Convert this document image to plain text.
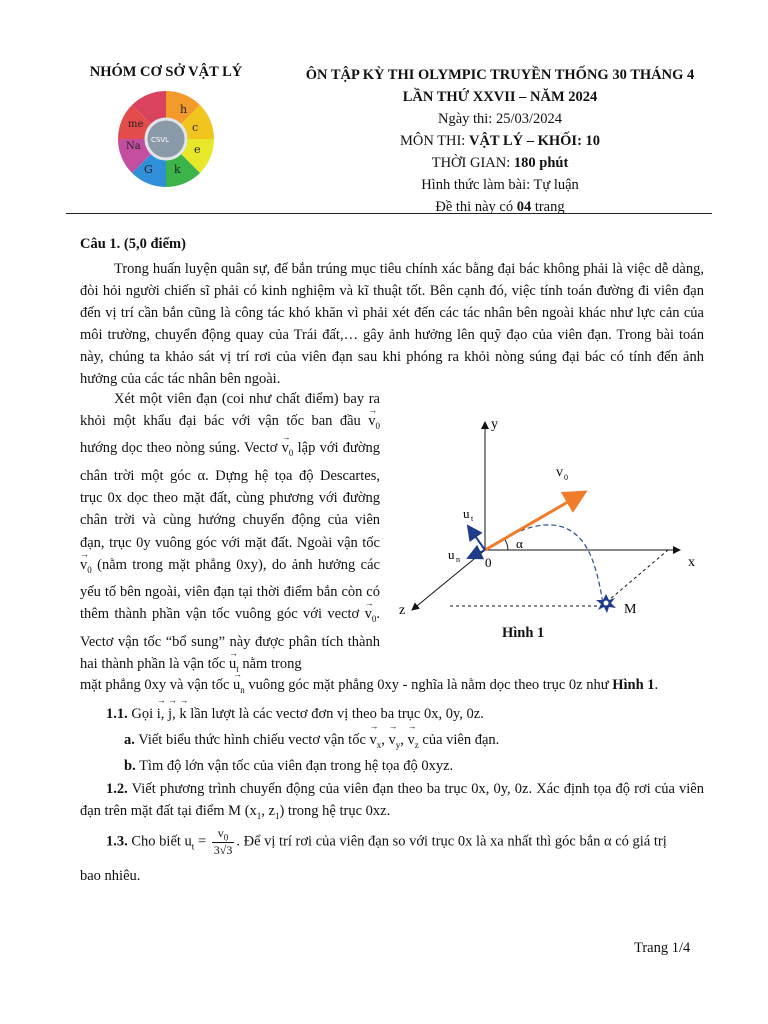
NHÓM CƠ SỞ VẬT LÝ
h
c
e
k
G
Na
me
CSVL
ÔN TẬP KỲ THI OLYMPIC TRUYỀN THỐNG 30 THÁNG 4
LẦN THỨ XXVII – NĂM 2024
Ngày thi: 25/03/2024
MÔN THI: VẬT LÝ – KHỐI: 10
THỜI GIAN: 180 phút
Hình thức làm bài: Tự luận
Đề thi này có 04 trang
Câu 1. (5,0 điểm)
Trong huấn luyện quân sự, để bắn trúng mục tiêu chính xác bằng đại bác không phải là việc dễ dàng, đòi hỏi người chiến sĩ phải có kinh nghiệm và kĩ thuật tốt. Bên cạnh đó, việc tính toán đường đi viên đạn đến vị trí cần bắn cũng là công tác khó khăn vì phải xét đến các tác nhân bên ngoài khác như lực cản của môi trường, chuyển động quay của Trái đất,… gây ảnh hưởng lên quỹ đạo của viên đạn. Trong bài toán này, chúng ta khảo sát vị trí rơi của viên đạn sau khi phóng ra khỏi nòng súng đại bác có tính đến ảnh hưởng của các tác nhân bên ngoài.
Xét một viên đạn (coi như chất điểm) bay ra khỏi một khẩu đại bác với vận tốc ban đầu → $v_0$ hướng dọc theo nòng súng. Vectơ → $v_0$ lập với đường chân trời một góc α. Dựng hệ tọa độ Descartes, trục 0x dọc theo mặt đất, cùng phương với đường chân trời và cùng hướng chuyển động của viên đạn, trục 0y vuông góc với mặt đất. Ngoài vận tốc → $v_0$ (nằm trong mặt phẳng 0xy), do ảnh hưởng các yếu tố bên ngoài, viên đạn tại thời điểm bắn còn có thêm thành phần vận tốc vuông góc với vectơ → $v_0$. Vectơ vận tốc “bổ sung” này được phân tích thành hai thành phần là vận tốc → $u_t$ nằm trong
mặt phẳng 0xy và vận tốc → $u_n$ vuông góc mặt phẳng 0xy - nghĩa là nằm dọc theo trục 0z như Hình 1.
y
x
z
0
α
M
v 0
u t
u n
Hình 1
1.1. Gọi → i, → j, → k lần lượt là các vectơ đơn vị theo ba trục 0x, 0y, 0z.
a. Viết biểu thức hình chiếu vectơ vận tốc → $v_x$, → $v_y$, → $v_z$ của viên đạn.
b. Tìm độ lớn vận tốc của viên đạn trong hệ tọa độ 0xyz.
1.2. Viết phương trình chuyển động của viên đạn theo ba trục 0x, 0y, 0z. Xác định tọa độ rơi của viên đạn trên mặt đất tại điểm M ($x_1$, $z_1$) trong hệ trục 0xz.
1.3. Cho biết $u_t = \frac{v_0}{3√3}$ . Để vị trí rơi của viên đạn so với trục 0x là xa nhất thì góc bắn α có giá trị
bao nhiêu.
Trang 1/4
